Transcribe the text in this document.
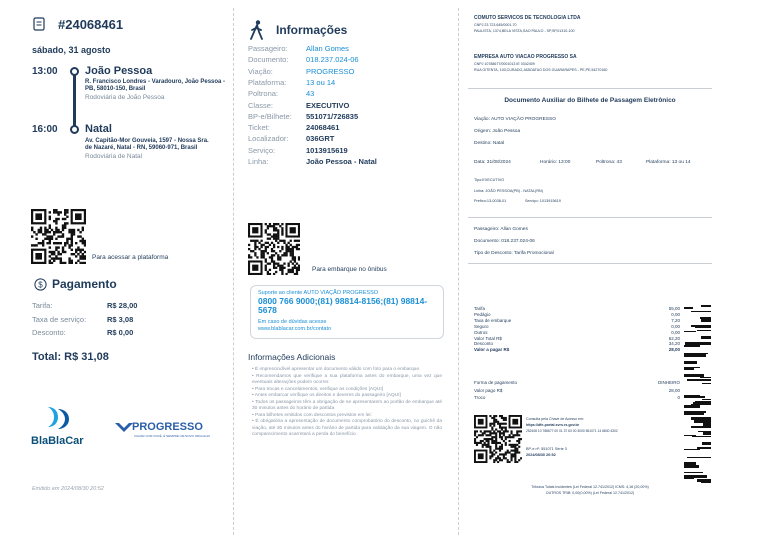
#24068461
sábado, 31 agosto
13:00 João Pessoa
R. Francisco Londres - Varadouro, João Pessoa - PB, 58010-150, Brasil
Rodoviária de João Pessoa
16:00 Natal
Av. Capitão-Mor Gouveia, 1597 - Nossa Sra. de Nazaré, Natal - RN, 59060-971, Brasil
Rodoviária de Natal
Para acessar a plataforma
$ Pagamento
Tarifa:	R$ 28,00
Taxa de serviço:	R$ 3,08
Desconto:	R$ 0,00
Total: R$ 31,08
BlaBlaCar
PROGRESSO
VIAJAR COM VOCÊ, É SEMPRE UM NOVO ORGULHO
Emitido em 2024/08/30 20:52
Informações
Passageiro: Allan Gomes
Documento: 018.237.024-06
Viação:	PROGRESSO
Plataforma:	13 ou 14
Poltrona:	43
Classe:	EXECUTIVO
BP-e/Bilhete: 551071/726835
Ticket:	24068461
Localizador: 036GRT
Serviço:	1013915619
Linha:	João Pessoa - Natal
Para embarque no ônibus
Suporte ao cliente AUTO VIAÇÃO PROGRESSO
0800 766 9000;(81) 98814-8156;(81) 98814-5678
Em caso de dúvidas acesse
www.blablacar.com.br/contato
Informações Adicionais
• É imprescindível apresentar um documento válido com foto para o embarque.
• Recomendamos que verifique a sua plataforma antes do embarque, uma vez que eventuais alterações podem ocorrer.
• Para trocas e cancelamentos, verifique as condições [AQUI]
• Antes embarcar verifique os direitos e deveres do passageiro [AQUI]
• Todos os passageiros têm a obrigação de se apresentarem ao portão de embarque até 30 minutos antes do horário de partida
• Para bilhetes emitidos com descontos previstos em lei:
• É obrigatória a apresentação de documento comprobatório do desconto, no guichê da viação, até 30 minutos antes do horário de partida para validação da sua viagem. O não comparecimento acarretará a perda do benefício
COMUTO SERVICOS DE TECNOLOGIA LTDA
CNPJ 23.723.645/0001-70
PAULISTA, 1374,BELA VISTA,SAO PAULO - SP,SP,01310-100
EMPRESA AUTO VIACAO PROGRESSO SA
CNPJ 10788677/0001013 IE 0342409
RUA OITENTA, 100,CURADO,JABOATAO DOS GUARARAPES - PE,PE,54270160
Documento Auxiliar do Bilhete de Passagem Eletrônico
Viação: AUTO VIAÇÃO PROGRESSO
Origem: João Pessoa
Destino: Natal
Data: 31/08/2024	Horário: 13:00	Poltrona: 43	Plataforma: 13 ou 14
Tipo:EXECUTIVO
Linha: JOÃO PESSOA(PB) - NATAL(RN)
Prefixo:13-0038-01	Serviço: 1013915619
Passageiro: Allan Gomes
Documento: 018.237.024-06
Tipo de Desconto: Tarifa Promocional
Tarifa	55,00
Pedágio	0,00
Taxa de embarque	7,20
Seguro	0,00
Outros	0,00
Valor Total R$	62,20
Desconto	34,20
Valor a pagar R$	28,00
Forma de pagamento	DINHEIRO
Valor pago R$	28,00
Troco	0
Consulta pela Chave de Acesso em:
https://dfe-portal.svrs.rs.gov.br
252408 10 788677 00 01 37 63 00 3000 551071 14 6830 4302
BP-e nº: 551071 Série 3
2024/08/30 20:52
Tributos Totais Incidentes (Lei Federal 12.741/2012) ICMS: 4,16 (20,00%)
OUTROS TRIB: 0,00(0,00%) (Lei Federal 12.741/2012)
